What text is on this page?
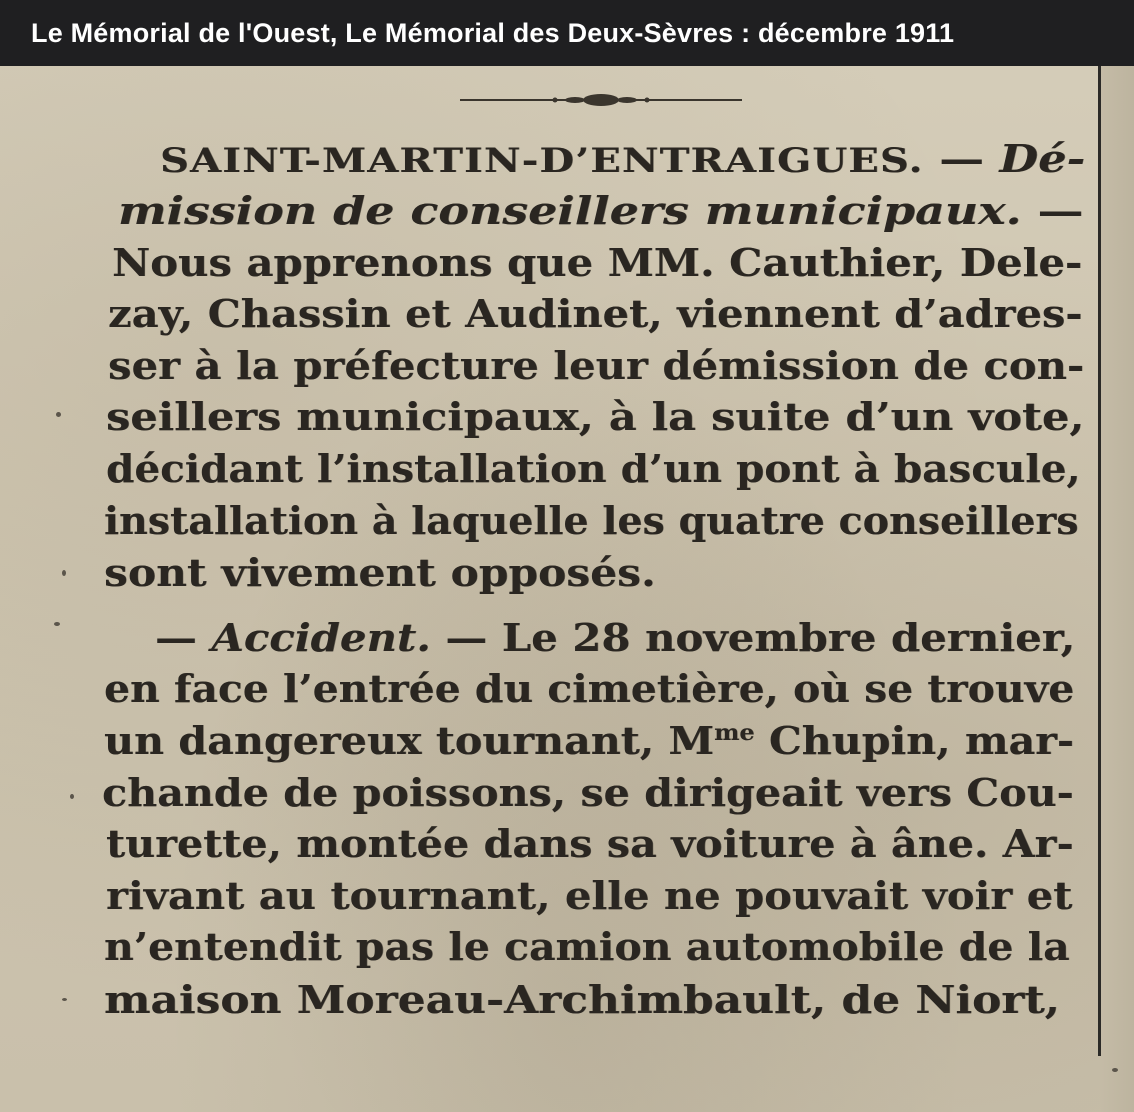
Le Mémorial de l'Ouest, Le Mémorial des Deux-Sèvres : décembre 1911
SAINT-MARTIN-D’ENTRAIGUES. — Dé-
mission de conseillers municipaux. —
Nous apprenons que MM. Cauthier, Dele-
zay, Chassin et Audinet, viennent d’adres-
ser à la préfecture leur démission de con-
seillers municipaux, à la suite d’un vote,
décidant l’installation d’un pont à bascule,
installation à laquelle les quatre conseillers
sont vivement opposés.
— Accident. — Le 28 novembre dernier,
en face l’entrée du cimetière, où se trouve
un dangereux tournant, $M^{me}$ Chupin, mar-
chande de poissons, se dirigeait vers Cou-
turette, montée dans sa voiture à âne. Ar-
rivant au tournant, elle ne pouvait voir et
n’entendit pas le camion automobile de la
maison Moreau-Archimbault, de Niort,
